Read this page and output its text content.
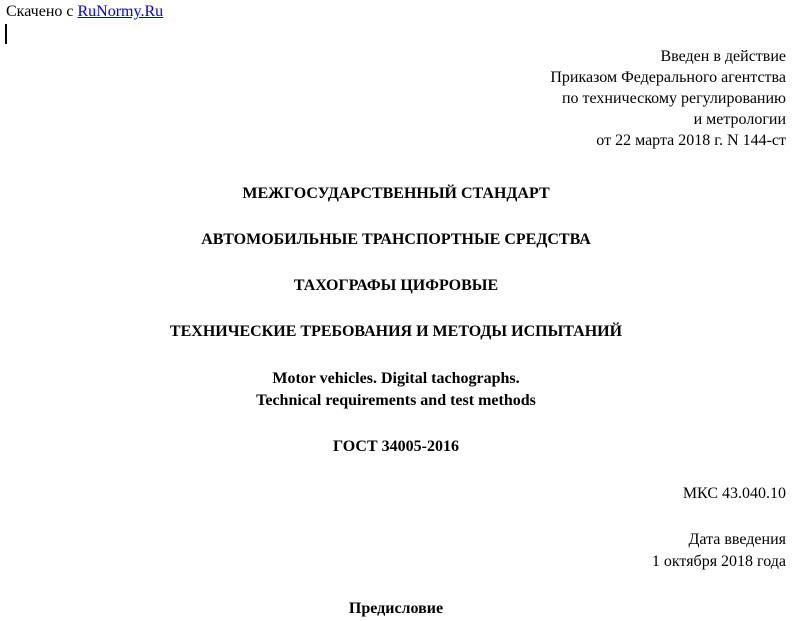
Скачено с RuNormy.Ru
Введен в действие
Приказом Федерального агентства
по техническому регулированию
и метрологии
от 22 марта 2018 г. N 144-ст
МЕЖГОСУДАРСТВЕННЫЙ СТАНДАРТ
АВТОМОБИЛЬНЫЕ ТРАНСПОРТНЫЕ СРЕДСТВА
ТАХОГРАФЫ ЦИФРОВЫЕ
ТЕХНИЧЕСКИЕ ТРЕБОВАНИЯ И МЕТОДЫ ИСПЫТАНИЙ
Motor vehicles. Digital tachographs.
Technical requirements and test methods
ГОСТ 34005-2016
МКС 43.040.10
Дата введения
1 октября 2018 года
Предисловие
